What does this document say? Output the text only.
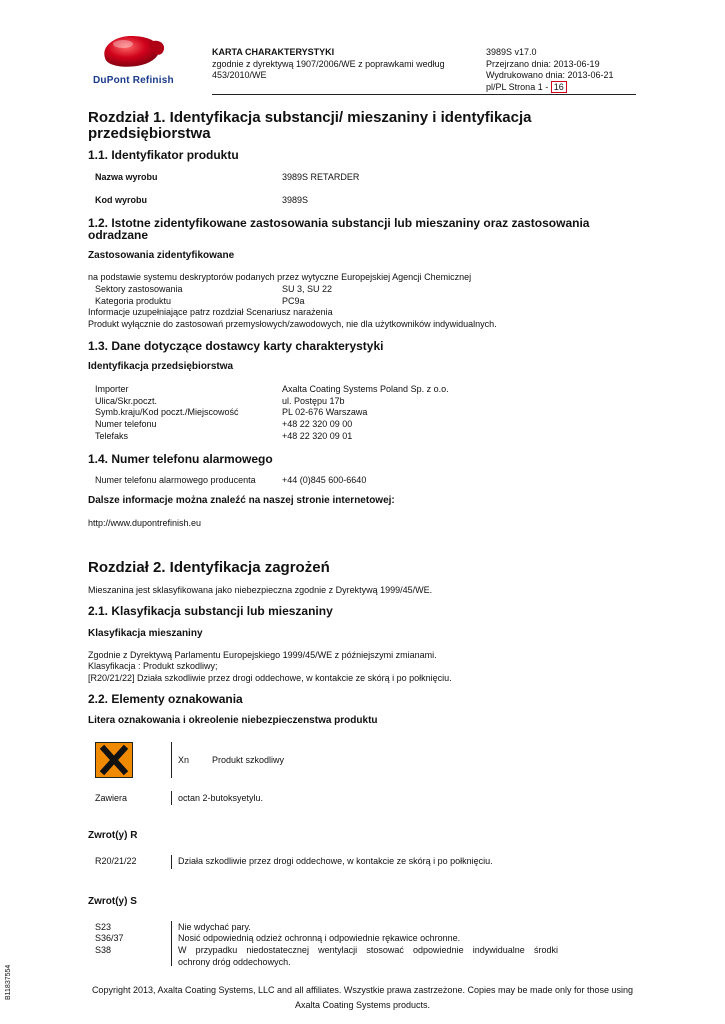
DuPont Refinish
KARTA CHARAKTERYSTYKI
zgodnie z dyrektywą 1907/2006/WE z poprawkami według
453/2010/WE
3989S v17.0
Przejrzano dnia: 2013-06-19
Wydrukowano dnia: 2013-06-21
pl/PL Strona 1 - 16
Rozdział 1. Identyfikacja substancji/ mieszaniny i identyfikacja
przedsiębiorstwa
1.1. Identyfikator produktu
Nazwa wyrobu	3989S RETARDER
Kod wyrobu	3989S
1.2. Istotne zidentyfikowane zastosowania substancji lub mieszaniny oraz zastosowania
odradzane
Zastosowania zidentyfikowane
na podstawie systemu deskryptorów podanych przez wytyczne Europejskiej Agencji Chemicznej
Sektory zastosowania	SU 3, SU 22
Kategoria produktu	PC9a
Informacje uzupełniające patrz rozdział Scenariusz narażenia
Produkt wyłącznie do zastosowań przemysłowych/zawodowych, nie dla użytkowników indywidualnych.
1.3. Dane dotyczące dostawcy karty charakterystyki
Identyfikacja przedsiębiorstwa
Importer	Axalta Coating Systems Poland Sp. z o.o.
Ulica/Skr.poczt.	ul. Postępu 17b
Symb.kraju/Kod poczt./Miejscowość	PL 02-676 Warszawa
Numer telefonu	+48 22 320 09 00
Telefaks	+48 22 320 09 01
1.4. Numer telefonu alarmowego
Numer telefonu alarmowego producenta	+44 (0)845 600-6640
Dalsze informacje można znaleźć na naszej stronie internetowej:
http://www.dupontrefinish.eu
Rozdział 2. Identyfikacja zagrożeń
Mieszanina jest sklasyfikowana jako niebezpieczna zgodnie z Dyrektywą 1999/45/WE.
2.1. Klasyfikacja substancji lub mieszaniny
Klasyfikacja mieszaniny
Zgodnie z Dyrektywą Parlamentu Europejskiego 1999/45/WE z późniejszymi zmianami.
Klasyfikacja : Produkt szkodliwy;
[R20/21/22] Działa szkodliwie przez drogi oddechowe, w kontakcie ze skórą i po połknięciu.
2.2. Elementy oznakowania
Litera oznakowania i okreolenie niebezpieczenstwa produktu
Xn	Produkt szkodliwy
Zawiera	octan 2-butoksyetylu.
Zwrot(y) R
R20/21/22	Działa szkodliwie przez drogi oddechowe, w kontakcie ze skórą i po połknięciu.
Zwrot(y) S
S23	Nie wdychać pary.
S36/37	Nosić odpowiednią odzież ochronną i odpowiednie rękawice ochronne.
S38	W przypadku niedostatecznej wentylacji stosować odpowiednie indywidualne środki
ochrony dróg oddechowych.
B11837554	Copyright 2013, Axalta Coating Systems, LLC and all affiliates. Wszystkie prawa zastrzeżone. Copies may be made only for those using
Axalta Coating Systems products.
